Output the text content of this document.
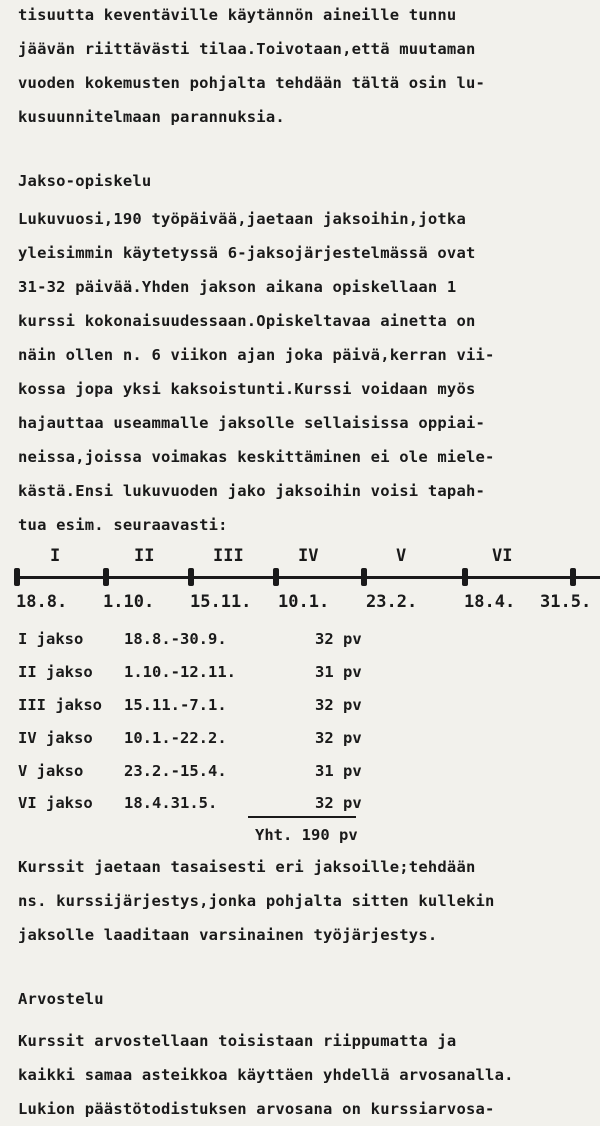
tisuutta keventäville käytännön aineille tunnu
jäävän riittävästi tilaa.Toivotaan,että muutaman
vuoden kokemusten pohjalta tehdään tältä osin lu-
kusuunnitelmaan parannuksia.
Jakso-opiskelu
Lukuvuosi,190 työpäivää,jaetaan jaksoihin,jotka
yleisimmin käytetyssä 6-jaksojärjestelmässä ovat
31-32 päivää.Yhden jakson aikana opiskellaan 1
kurssi kokonaisuudessaan.Opiskeltavaa ainetta on
näin ollen n. 6 viikon ajan joka päivä,kerran vii-
kossa jopa yksi kaksoistunti.Kurssi voidaan myös
hajauttaa useammalle jaksolle sellaisissa oppiai-
neissa,joissa voimakas keskittäminen ei ole miele-
kästä.Ensi lukuvuoden jako jaksoihin voisi tapah-
tua esim. seuraavasti:
I	II	III	IV	V	VI
18.8. 1.10. 15.11. 10.1. 23.2.	18.4. 31.5.
I jakso	18.8.-30.9.	32 pv
II jakso 1.10.-12.11.	31 pv
III jakso 15.11.-7.1.	32 pv
IV jakso 10.1.-22.2.	32 pv
V jakso	23.2.-15.4.	31 pv
VI jakso 18.4.31.5.	32 pv
Yht. 190 pv
Kurssit jaetaan tasaisesti eri jaksoille;tehdään
ns. kurssijärjestys,jonka pohjalta sitten kullekin
jaksolle laaditaan varsinainen työjärjestys.
Arvostelu
Kurssit arvostellaan toisistaan riippumatta ja
kaikki samaa asteikkoa käyttäen yhdellä arvosanalla.
Lukion päästötodistuksen arvosana on kurssiarvosa-
